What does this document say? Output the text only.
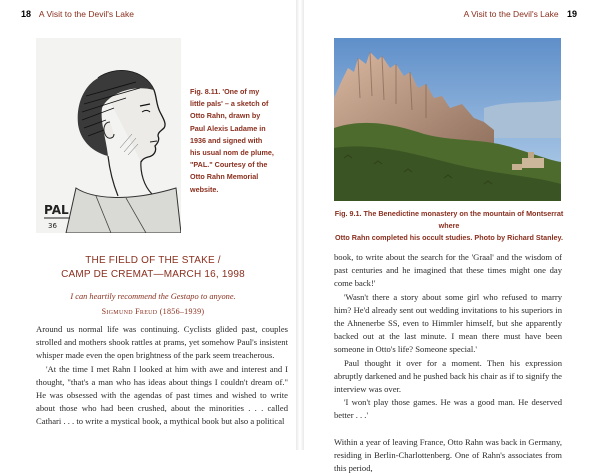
18 A Visit to the Devil's Lake
PAL
36
Fig. 8.11. 'One of my
little pals' – a sketch of
Otto Rahn, drawn by
Paul Alexis Ladame in
1936 and signed with
his usual nom de plume,
"PAL." Courtesy of the
Otto Rahn Memorial
website.
THE FIELD OF THE STAKE /
CAMP DE CREMAT—MARCH 16, 1998
I can heartily recommend the Gestapo to anyone.
Sigmund Freud (1856–1939)

Around us normal life was continuing. Cyclists glided past, couples strolled and mothers shook rattles at prams, yet somehow Paul's insistent whisper made even the open brightness of the park seem treacherous.

'At the time I met Rahn I looked at him with awe and interest and I thought, "that's a man who has ideas about things I couldn't dream of." He was obsessed with the agendas of past times and wished to write about those who had been crushed, about the minorities . . . called Cathari . . . to write a mystical book, a mythical book but also a political

A Visit to the Devil's Lake 19
Fig. 9.1. The Benedictine monastery on the mountain of Montserrat where
Otto Rahn completed his occult studies. Photo by Richard Stanley.

book, to write about the search for the 'Graal' and the wisdom of past centuries and he imagined that these times might one day come back!'

'Wasn't there a story about some girl who refused to marry him? He'd already sent out wedding invitations to his superiors in the Ahnenerbe SS, even to Himmler himself, but she apparently backed out at the last minute. I mean there must have been someone in Otto's life? Someone special.'

Paul thought it over for a moment. Then his expression abruptly darkened and he pushed back his chair as if to signify the interview was over.

'I won't play those games. He was a good man. He deserved better . . .'

Within a year of leaving France, Otto Rahn was back in Germany, residing in Berlin-Charlottenberg. One of Rahn's associates from this period,
